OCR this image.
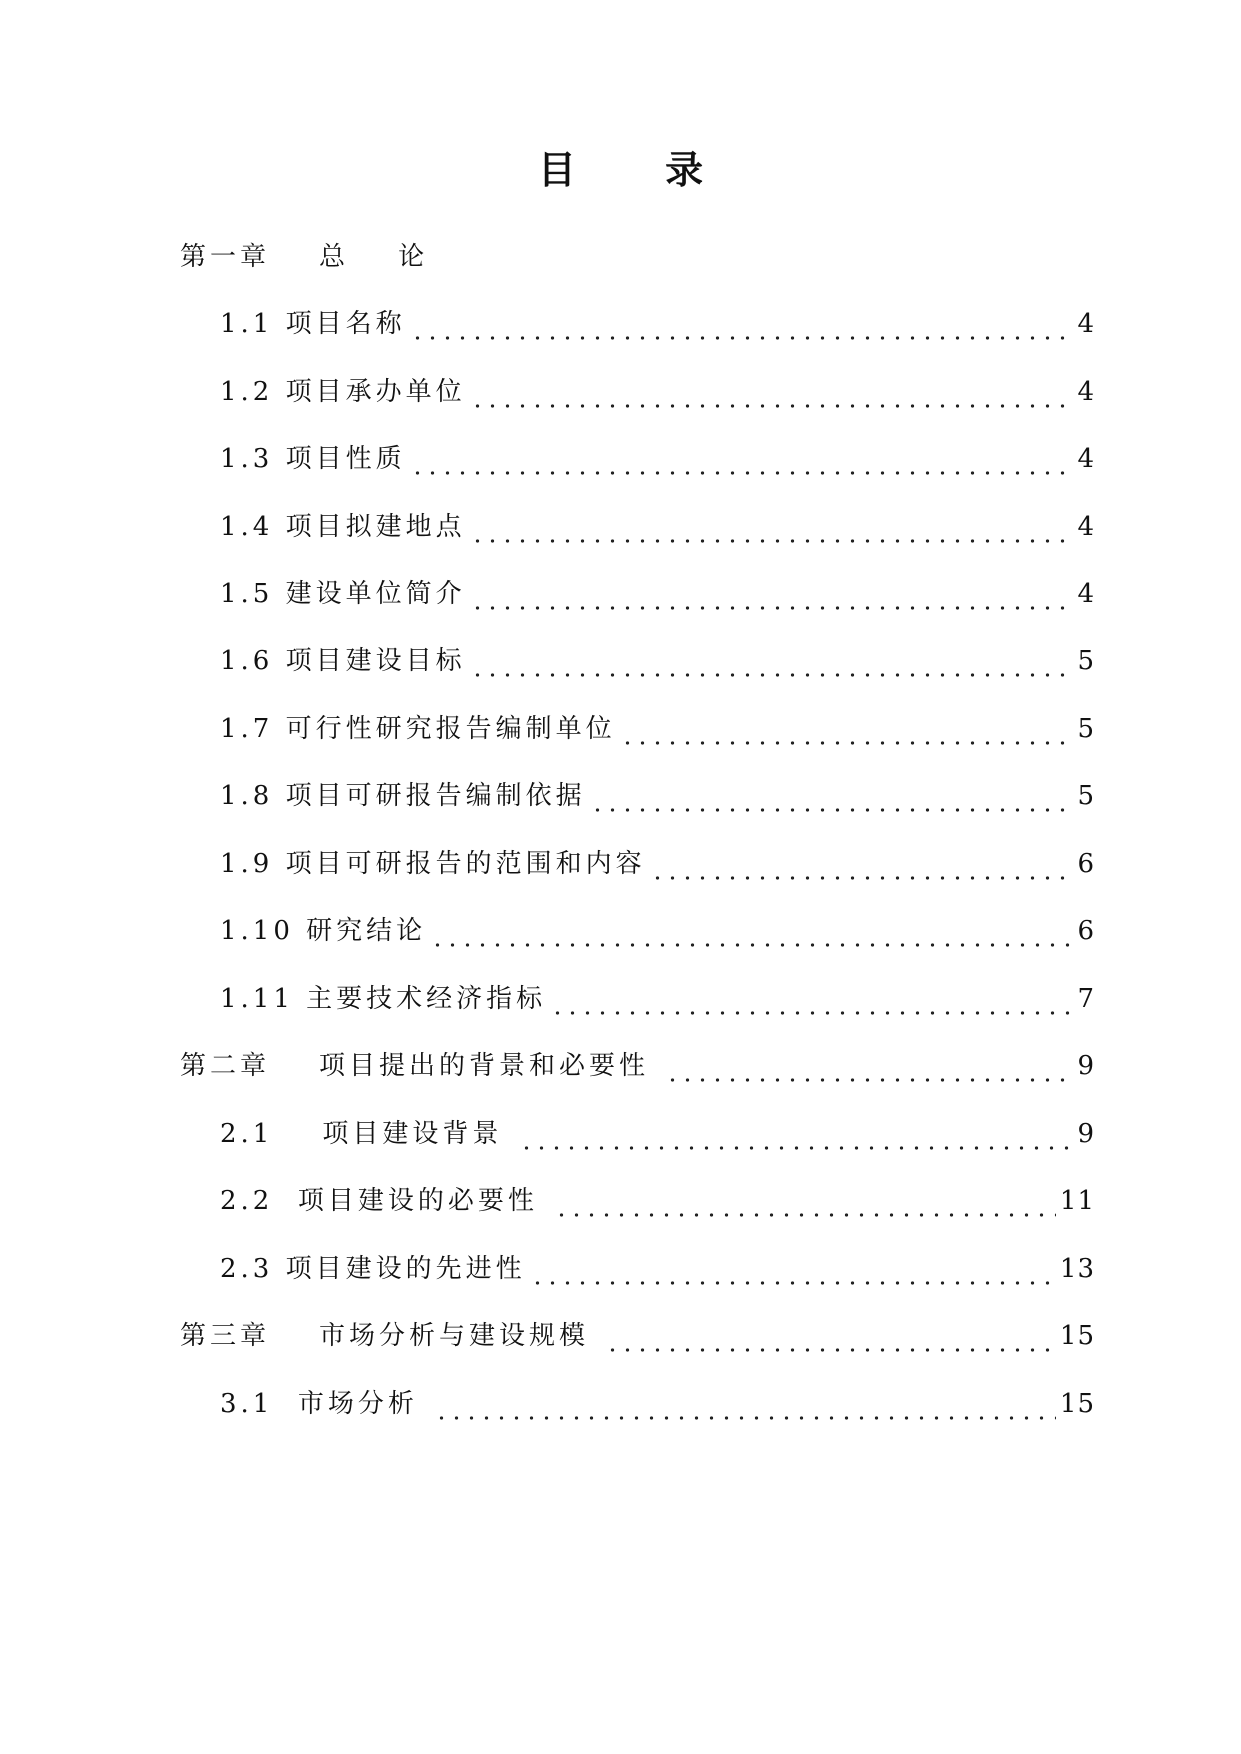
目 录
第一章    总    论
1.1 项目名称	4
1.2 项目承办单位	4
1.3 项目性质	4
1.4 项目拟建地点	4
1.5 建设单位简介	4
1.6 项目建设目标	5
1.7 可行性研究报告编制单位	5
1.8 项目可研报告编制依据	5
1.9 项目可研报告的范围和内容	6
1.10 研究结论	6
1.11 主要技术经济指标	7
第二章    项目提出的背景和必要性	9
2.1    项目建设背景	9
2.2  项目建设的必要性	11
2.3 项目建设的先进性	13
第三章    市场分析与建设规模	15
3.1  市场分析	15
